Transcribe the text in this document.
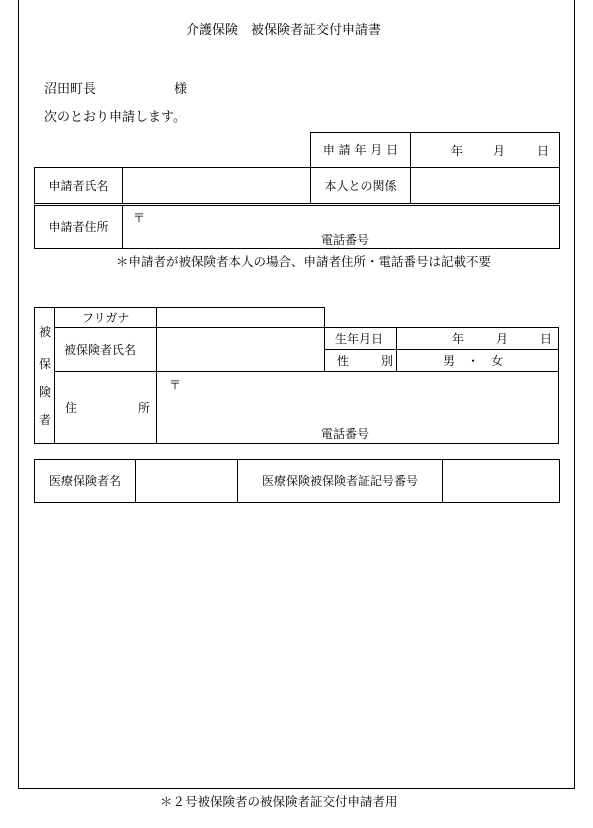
介護保険　被保険者証交付申請書
沼田町長	様
次のとおり申請します。
		申 請 年 月 日	年 月 日

申請者氏名		本人との関係	
申請者住所	
〒
電話番号
＊申請者が被保険者本人の場合、申請者住所・電話番号は記載不要
被
保
険
者
フリガナ
被保険者氏名
生年月日	年	月	日
性	別	男　・　女
住	所
〒
電話番号
医療保険者名		医療保険被保険者証記号番号	
＊２号被保険者の被保険者証交付申請者用
